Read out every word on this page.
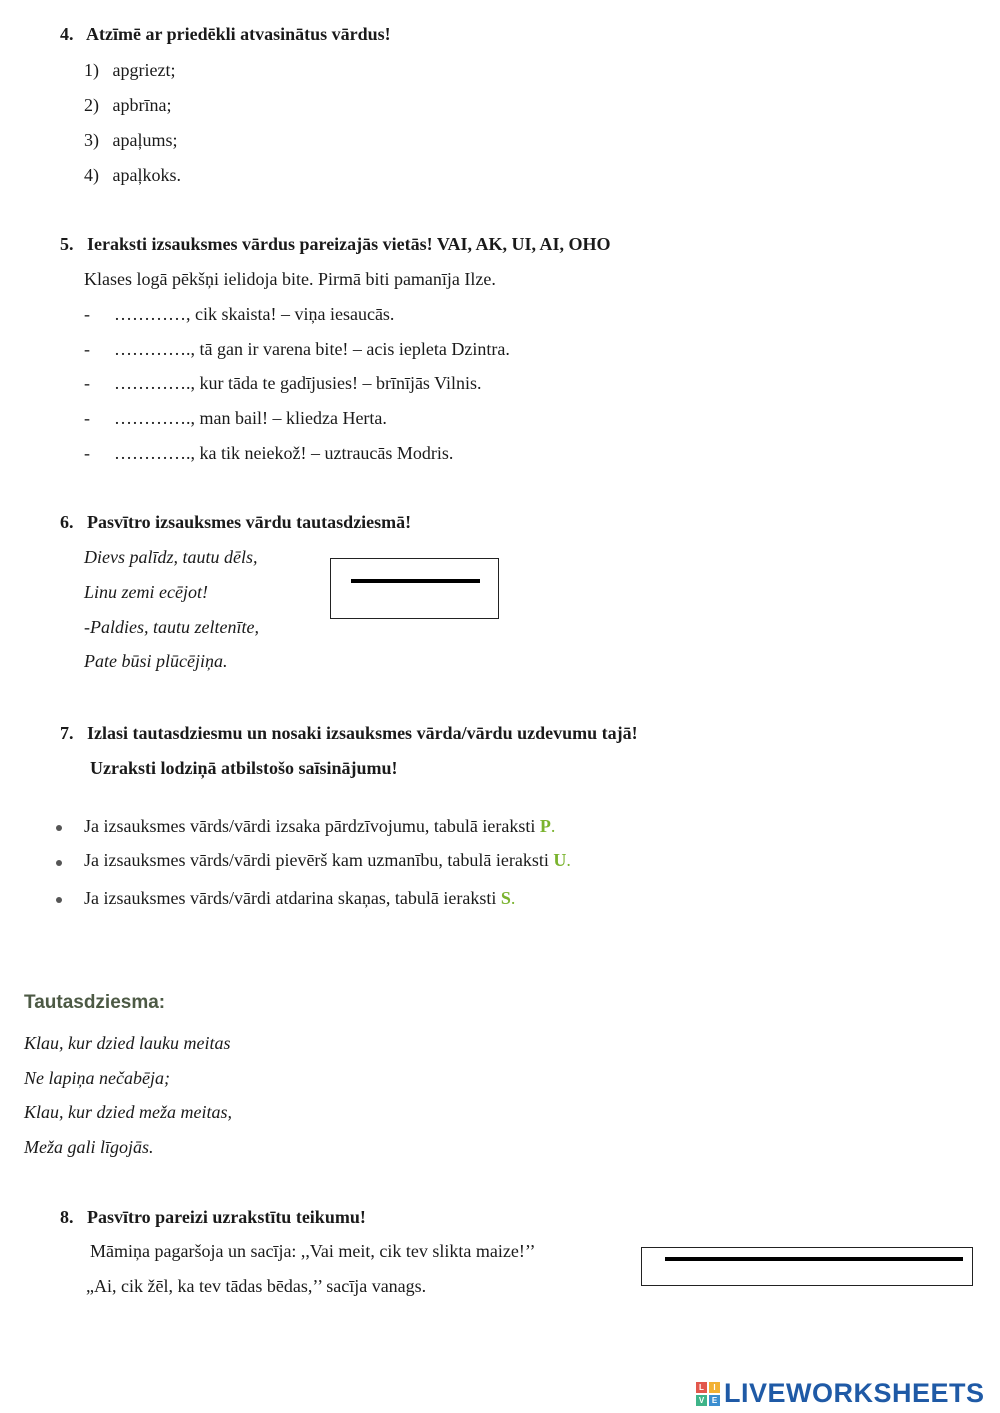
4. Atzīmē ar priedēkli atvasinātus vārdus!
1) apgriezt;
2) apbrīna;
3) apaļums;
4) apaļkoks.
5. Ieraksti izsauksmes vārdus pareizajās vietās! VAI, AK, UI, AI, OHO
Klases logā pēkšņi ielidoja bite. Pirmā biti pamanīja Ilze.
- …………, cik skaista! – viņa iesaucās.
- …………., tā gan ir varena bite! – acis iepleta Dzintra.
- …………., kur tāda te gadījusies! – brīnījās Vilnis.
- …………., man bail! – kliedza Herta.
- …………., ka tik neiekož! – uztraucās Modris.
6. Pasvītro izsauksmes vārdu tautasdziesmā!
Dievs palīdz, tautu dēls,
Linu zemi ecējot!
-Paldies, tautu zeltenīte,
Pate būsi plūcējiņa.
7. Izlasi tautasdziesmu un nosaki izsauksmes vārda/vārdu uzdevumu tajā!
Uzraksti lodziņā atbilstošo saīsinājumu!
Ja izsauksmes vārds/vārdi izsaka pārdzīvojumu, tabulā ieraksti P.
Ja izsauksmes vārds/vārdi pievērš kam uzmanību, tabulā ieraksti U.
Ja izsauksmes vārds/vārdi atdarina skaņas, tabulā ieraksti S.
Tautasdziesma:
Klau, kur dzied lauku meitas
Ne lapiņa nečabēja;
Klau, kur dzied meža meitas,
Meža gali līgojās.
8. Pasvītro pareizi uzrakstītu teikumu!
Māmiņa pagaršoja un sacīja: ,,Vai meit, cik tev slikta maize!’’
„Ai, cik žēl, ka tev tādas bēdas,’’ sacīja vanags.
L	I
V E LIVEWORKSHEETS
